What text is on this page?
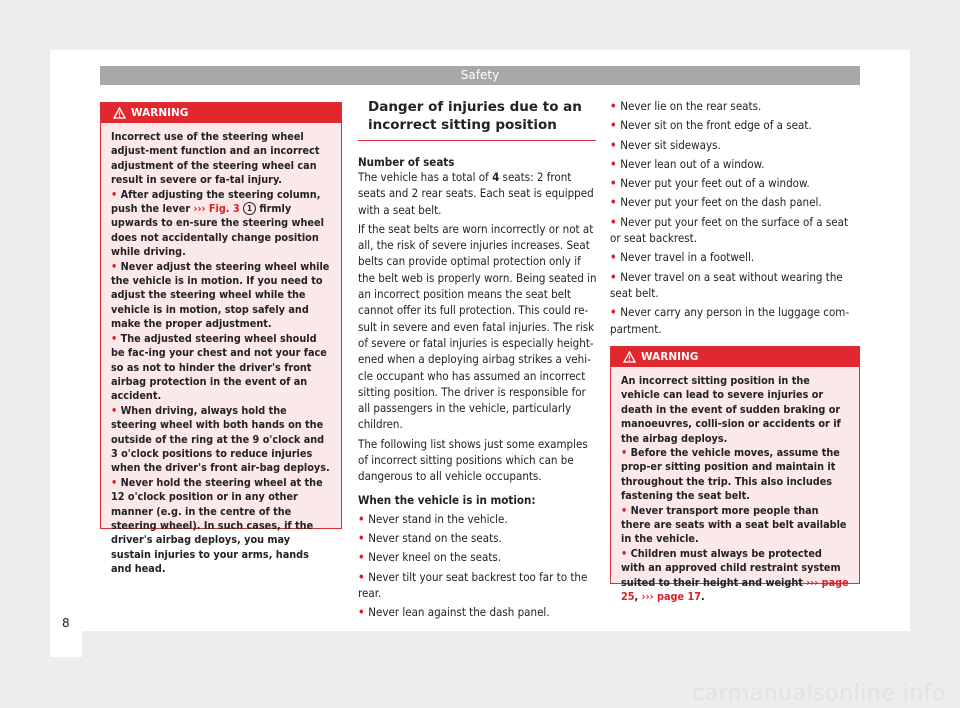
Safety
WARNING

Incorrect use of the steering wheel adjust-ment function and an incorrect adjustment of the steering wheel can result in severe or fa-tal injury.

• After adjusting the steering column, push the lever ››› Fig. 3 1 firmly upwards to en-sure the steering wheel does not accidentally change position while driving.

• Never adjust the steering wheel while the vehicle is in motion. If you need to adjust the steering wheel while the vehicle is in motion, stop safely and make the proper adjustment.

• The adjusted steering wheel should be fac-ing your chest and not your face so as not to hinder the driver's front airbag protection in the event of an accident.

• When driving, always hold the steering wheel with both hands on the outside of the ring at the 9 o'clock and 3 o'clock positions to reduce injuries when the driver's front air-bag deploys.

• Never hold the steering wheel at the 12 o'clock position or in any other manner (e.g. in the centre of the steering wheel). In such cases, if the driver's airbag deploys, you may sustain injuries to your arms, hands and head.

Danger of injuries due to an incorrect sitting position

Number of seats

The vehicle has a total of 4 seats: 2 front seats and 2 rear seats. Each seat is equipped with a seat belt.

If the seat belts are worn incorrectly or not at all, the risk of severe injuries increases. Seat belts can provide optimal protection only if the belt web is properly worn. Being seated in an incorrect position means the seat belt cannot offer its full protection. This could re-sult in severe and even fatal injuries. The risk of severe or fatal injuries is especially height-ened when a deploying airbag strikes a vehi-cle occupant who has assumed an incorrect sitting position. The driver is responsible for all passengers in the vehicle, particularly children.

The following list shows just some examples of incorrect sitting positions which can be dangerous to all vehicle occupants.

When the vehicle is in motion:

• Never stand in the vehicle.

• Never stand on the seats.

• Never kneel on the seats.

• Never tilt your seat backrest too far to the rear.

• Never lean against the dash panel.

• Never lie on the rear seats.

• Never sit on the front edge of a seat.

• Never sit sideways.

• Never lean out of a window.

• Never put your feet out of a window.

• Never put your feet on the dash panel.

• Never put your feet on the surface of a seat or seat backrest.

• Never travel in a footwell.

• Never travel on a seat without wearing the seat belt.

• Never carry any person in the luggage com-partment.

WARNING

An incorrect sitting position in the vehicle can lead to severe injuries or death in the event of sudden braking or manoeuvres, colli-sion or accidents or if the airbag deploys.

• Before the vehicle moves, assume the prop-er sitting position and maintain it throughout the trip. This also includes fastening the seat belt.

• Never transport more people than there are seats with a seat belt available in the vehicle.

• Children must always be protected with an approved child restraint system suited to their height and weight ››› page 25, ››› page 17.

8
carmanualsonline.info
